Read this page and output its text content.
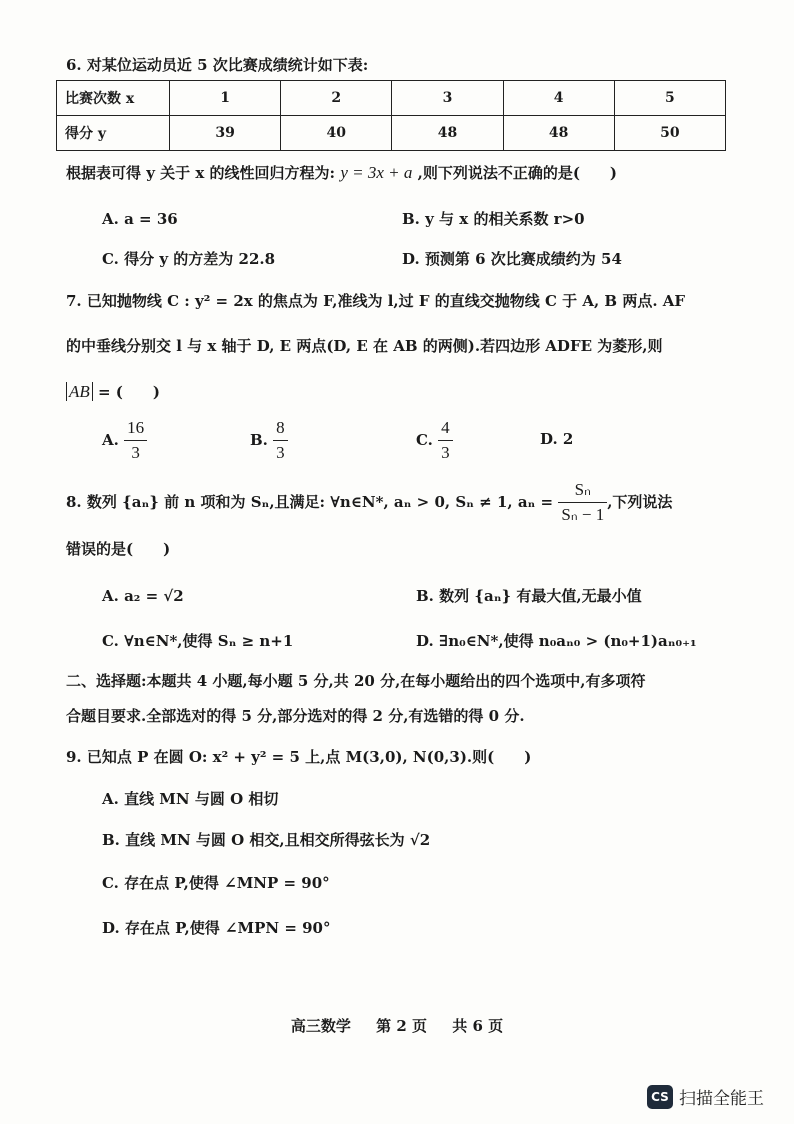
6. 对某位运动员近 5 次比赛成绩统计如下表:
比赛次数 x	1	2	3	4	5
得分 y	39	40	48	48	50
根据表可得 y 关于 x 的线性回归方程为: y = 3x + a ,则下列说法不正确的是(　　)
A. a = 36	B. y 与 x 的相关系数 r>0
C. 得分 y 的方差为 22.8	D. 预测第 6 次比赛成绩约为 54
7. 已知抛物线 C : y² = 2x 的焦点为 F,准线为 l,过 F 的直线交抛物线 C 于 A, B 两点. AF
的中垂线分别交 l 与 x 轴于 D, E 两点(D, E 在 AB 的两侧).若四边形 ADFE 为菱形,则
AB = (　　)
A. $\frac{16}{3}$	B. $\frac{8}{3}$	C. $\frac{4}{3}$	D. 2
8. 数列 {aₙ} 前 n 项和为 Sₙ,且满足: ∀n∈N*, aₙ > 0, Sₙ ≠ 1, $a_n = \frac{\text{Sₙ}}{\text{Sₙ − 1}}$ ,下列说法
错误的是(　　)
A. a₂ = √2	B. 数列 {aₙ} 有最大值,无最小值
C. ∀n∈N*,使得 Sₙ ≥ n+1	D. ∃n₀∈N*,使得 n₀aₙ₀ > (n₀+1)aₙ₀₊₁
二、选择题:本题共 4 小题,每小题 5 分,共 20 分,在每小题给出的四个选项中,有多项符
合题目要求.全部选对的得 5 分,部分选对的得 2 分,有选错的得 0 分.
9. 已知点 P 在圆 O: x² + y² = 5 上,点 M(3,0), N(0,3).则(　　)
A. 直线 MN 与圆 O 相切
B. 直线 MN 与圆 O 相交,且相交所得弦长为 √2
C. 存在点 P,使得 ∠MNP = 90°
D. 存在点 P,使得 ∠MPN = 90°
高三数学 第 2 页 共 6 页
CS 扫描全能王
